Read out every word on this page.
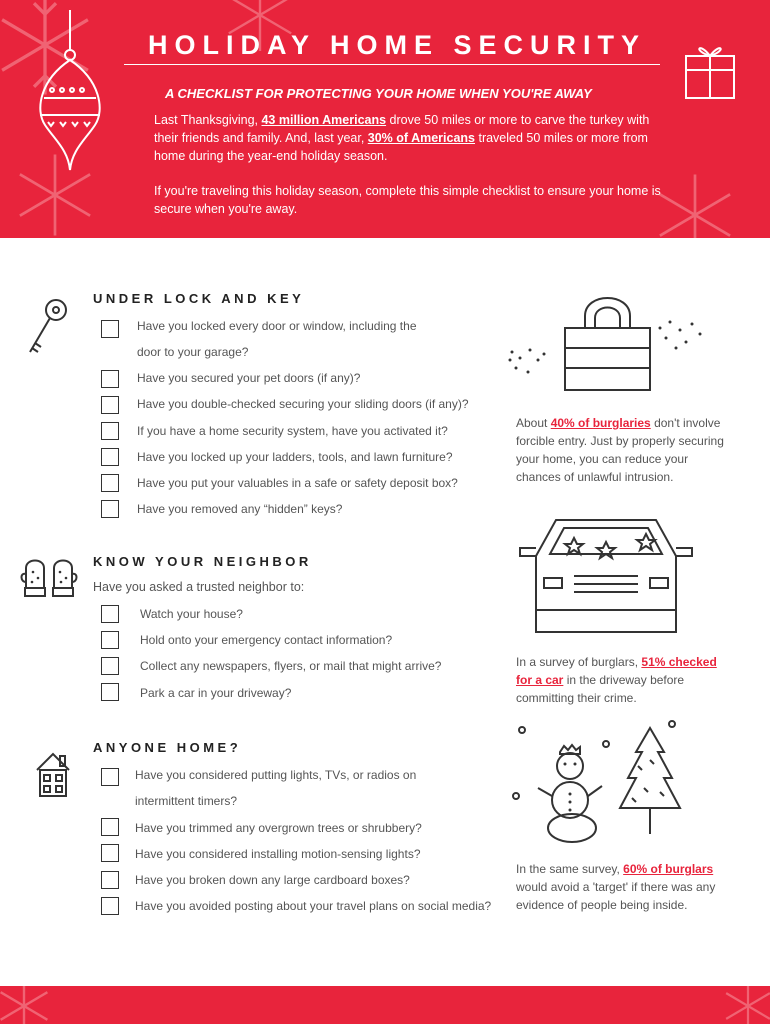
HOLIDAY HOME SECURITY
A CHECKLIST FOR PROTECTING YOUR HOME WHEN YOU'RE AWAY

Last Thanksgiving, 43 million Americans drove 50 miles or more to carve the turkey with their friends and family. And, last year, 30% of Americans traveled 50 miles or more from home during the year-end holiday season.

If you're traveling this holiday season, complete this simple checklist to ensure your home is secure when you're away.

UNDER LOCK AND KEY
Have you locked every door or window, including the
door to your garage?
Have you secured your pet doors (if any)?
Have you double-checked securing your sliding doors (if any)?
If you have a home security system, have you activated it?
Have you locked up your ladders, tools, and lawn furniture?
Have you put your valuables in a safe or safety deposit box?
Have you removed any “hidden” keys?

About 40% of burglaries don't involve forcible entry. Just by properly securing your home, you can reduce your chances of unlawful intrusion.

KNOW YOUR NEIGHBOR
Have you asked a trusted neighbor to:
Watch your house?
Hold onto your emergency contact information?
Collect any newspapers, flyers, or mail that might arrive?
Park a car in your driveway?

In a survey of burglars, 51% checked for a car in the driveway before committing their crime.

ANYONE HOME?
Have you considered putting lights, TVs, or radios on
intermittent timers?
Have you trimmed any overgrown trees or shrubbery?
Have you considered installing motion-sensing lights?
Have you broken down any large cardboard boxes?
Have you avoided posting about your travel plans on social media?

In the same survey, 60% of burglars would avoid a 'target' if there was any evidence of people being inside.
